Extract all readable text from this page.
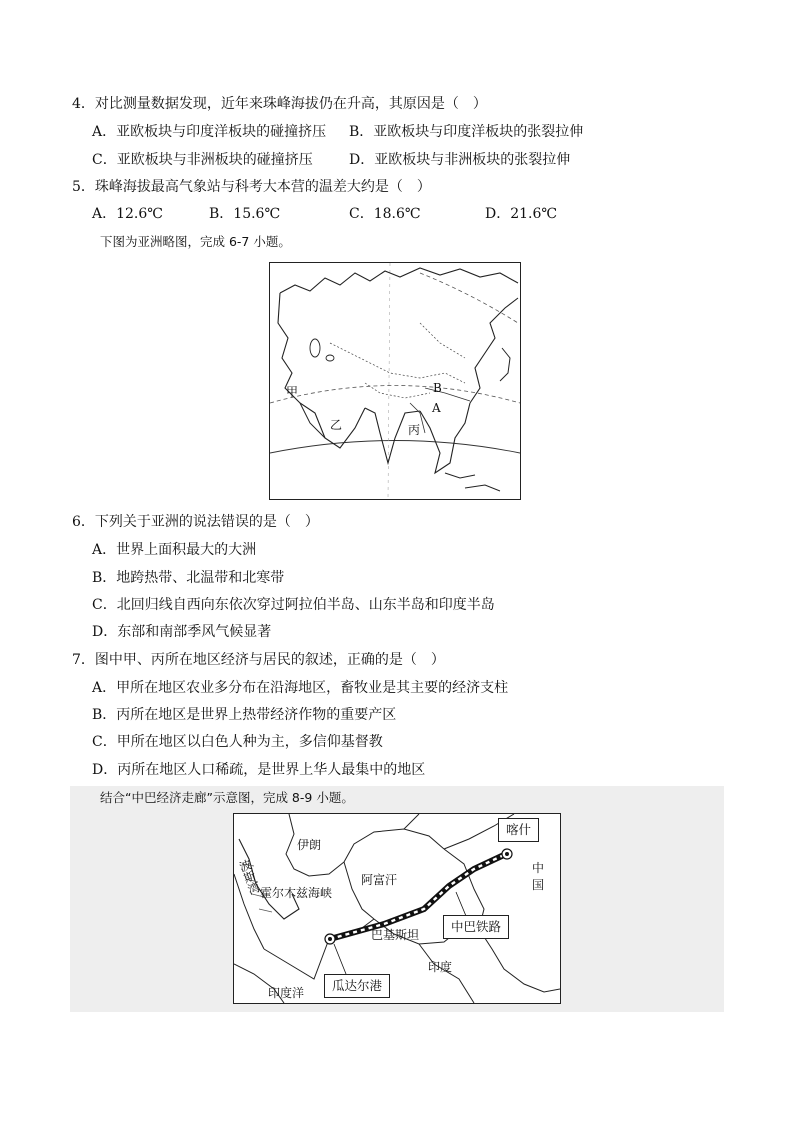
4．对比测量数据发现，近年来珠峰海拔仍在升高，其原因是（　）
A．亚欧板块与印度洋板块的碰撞挤压 B．亚欧板块与印度洋板块的张裂拉伸
C．亚欧板块与非洲板块的碰撞挤压	D．亚欧板块与非洲板块的张裂拉伸
5．珠峰海拔最高气象站与科考大本营的温差大约是（　）
A．12.6℃	B．15.6℃	C．18.6℃	D．21.6℃
下图为亚洲略图，完成 6-7 小题。
甲
乙	丙
A
B
6．下列关于亚洲的说法错误的是（　）
A．世界上面积最大的大洲
B．地跨热带、北温带和北寒带
C．北回归线自西向东依次穿过阿拉伯半岛、山东半岛和印度半岛
D．东部和南部季风气候显著
7．图中甲、丙所在地区经济与居民的叙述，正确的是（　）
A．甲所在地区农业多分布在沿海地区，畜牧业是其主要的经济支柱
B．丙所在地区是世界上热带经济作物的重要产区
C．甲所在地区以白色人种为主，多信仰基督教
D．丙所在地区人口稀疏，是世界上华人最集中的地区
结合“中巴经济走廊”示意图，完成 8-9 小题。
伊朗
波斯湾
霍尔木兹海峡
阿富汗
巴基斯坦
印度
印度洋
中
国
喀什
中巴铁路
瓜达尔港
